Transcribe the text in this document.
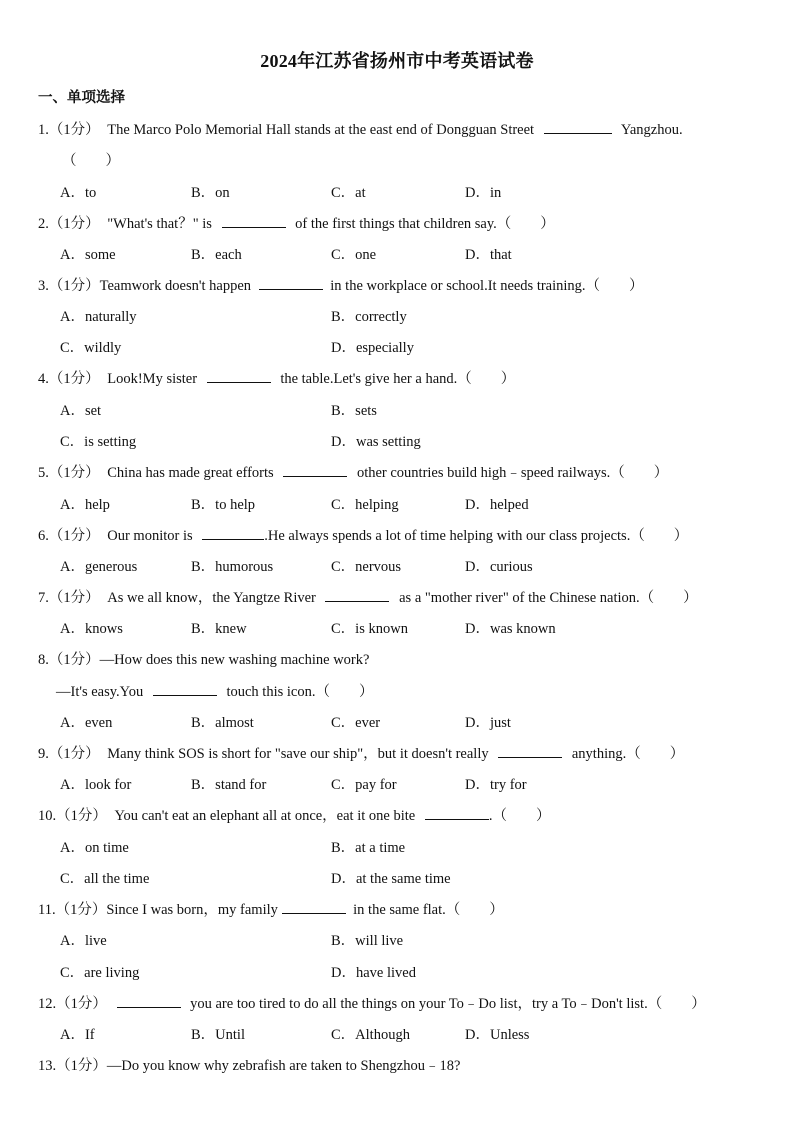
2024年江苏省扬州市中考英语试卷
一、单项选择
1.（1分） The Marco Polo Memorial Hall stands at the east end of Dongguan Street	Yangzhou.
（　　）
A．to	B．on	C．at	D．in
2.（1分） "What's that？" is	of the first things that children say.（　　）
A．some	B．each	C．one	D．that
3.（1分）Teamwork doesn't happen	in the workplace or school.It needs training.（　　）
A．naturally	B．correctly
C．wildly	D．especially
4.（1分） Look!My sister	the table.Let's give her a hand.（　　）
A．set	B．sets
C．is setting	D．was setting
5.（1分） China has made great efforts	other countries build high﹣speed railways.（　　）
A．help	B．to help	C．helping	D．helped
6.（1分） Our monitor is	.He always spends a lot of time helping with our class projects.（　　）
A．generous	B．humorous	C．nervous	D．curious
7.（1分） As we all know，the Yangtze River	as a "mother river" of the Chinese nation.（　　）
A．knows	B．knew	C．is known	D．was known
8.（1分）—How does this new washing machine work?
—It's easy.You	touch this icon.（　　）
A．even	B．almost	C．ever	D．just
9.（1分） Many think SOS is short for "save our ship"，but it doesn't really	anything.（　　）
A．look for	B．stand for	C．pay for	D．try for
10.（1分） You can't eat an elephant all at once，eat it one bite	.（　　）
A．on time	B．at a time
C．all the time	D．at the same time
11.（1分）Since I was born，my family	in the same flat.（　　）
A．live	B．will live
C．are living	D．have lived
12.（1分）	you are too tired to do all the things on your To﹣Do list，try a To﹣Don't list.（　　）
A．If	B．Until	C．Although	D．Unless
13.（1分）—Do you know why zebrafish are taken to Shengzhou﹣18?
